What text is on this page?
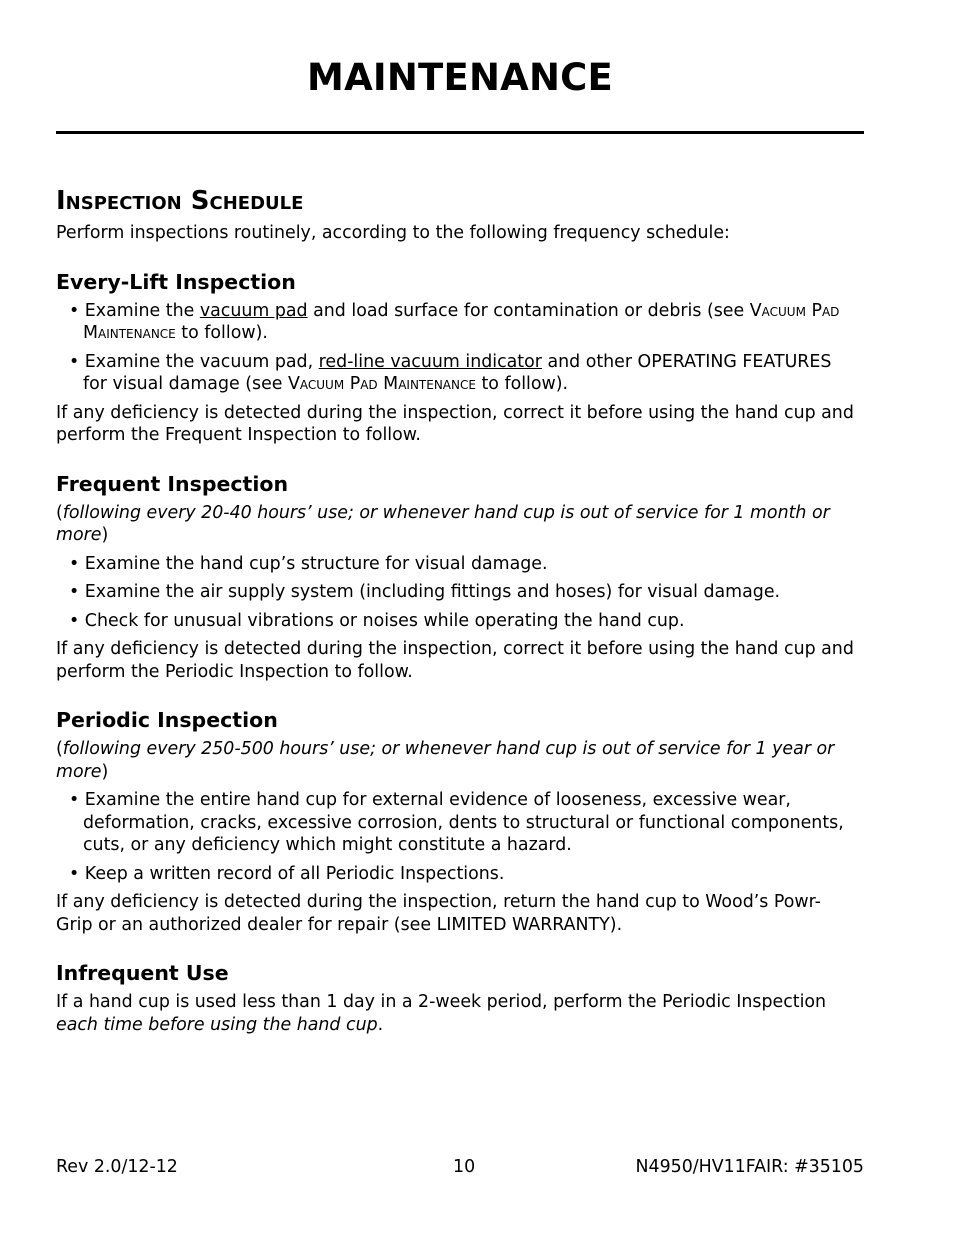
MAINTENANCE
Inspection Schedule

Perform inspections routinely, according to the following frequency schedule:

Every-Lift Inspection

• Examine the vacuum pad and load surface for contamination or debris (see Vacuum Pad Maintenance to follow).

• Examine the vacuum pad, red-line vacuum indicator and other OPERATING FEATURES for visual damage (see Vacuum Pad Maintenance to follow).

If any deficiency is detected during the inspection, correct it before using the hand cup and perform the Frequent Inspection to follow.

Frequent Inspection

(following every 20-40 hours’ use; or whenever hand cup is out of service for 1 month or more)

• Examine the hand cup’s structure for visual damage.

• Examine the air supply system (including fittings and hoses) for visual damage.

• Check for unusual vibrations or noises while operating the hand cup.

If any deficiency is detected during the inspection, correct it before using the hand cup and perform the Periodic Inspection to follow.

Periodic Inspection

(following every 250-500 hours’ use; or whenever hand cup is out of service for 1 year or more)

• Examine the entire hand cup for external evidence of looseness, excessive wear, deformation, cracks, excessive corrosion, dents to structural or functional components, cuts, or any deficiency which might constitute a hazard.

• Keep a written record of all Periodic Inspections.

If any deficiency is detected during the inspection, return the hand cup to Wood’s Powr-Grip or an authorized dealer for repair (see LIMITED WARRANTY).

Infrequent Use

If a hand cup is used less than 1 day in a 2-week period, perform the Periodic Inspection each time before using the hand cup.

Rev 2.0/12-12	10	N4950/HV11FAIR: #35105
